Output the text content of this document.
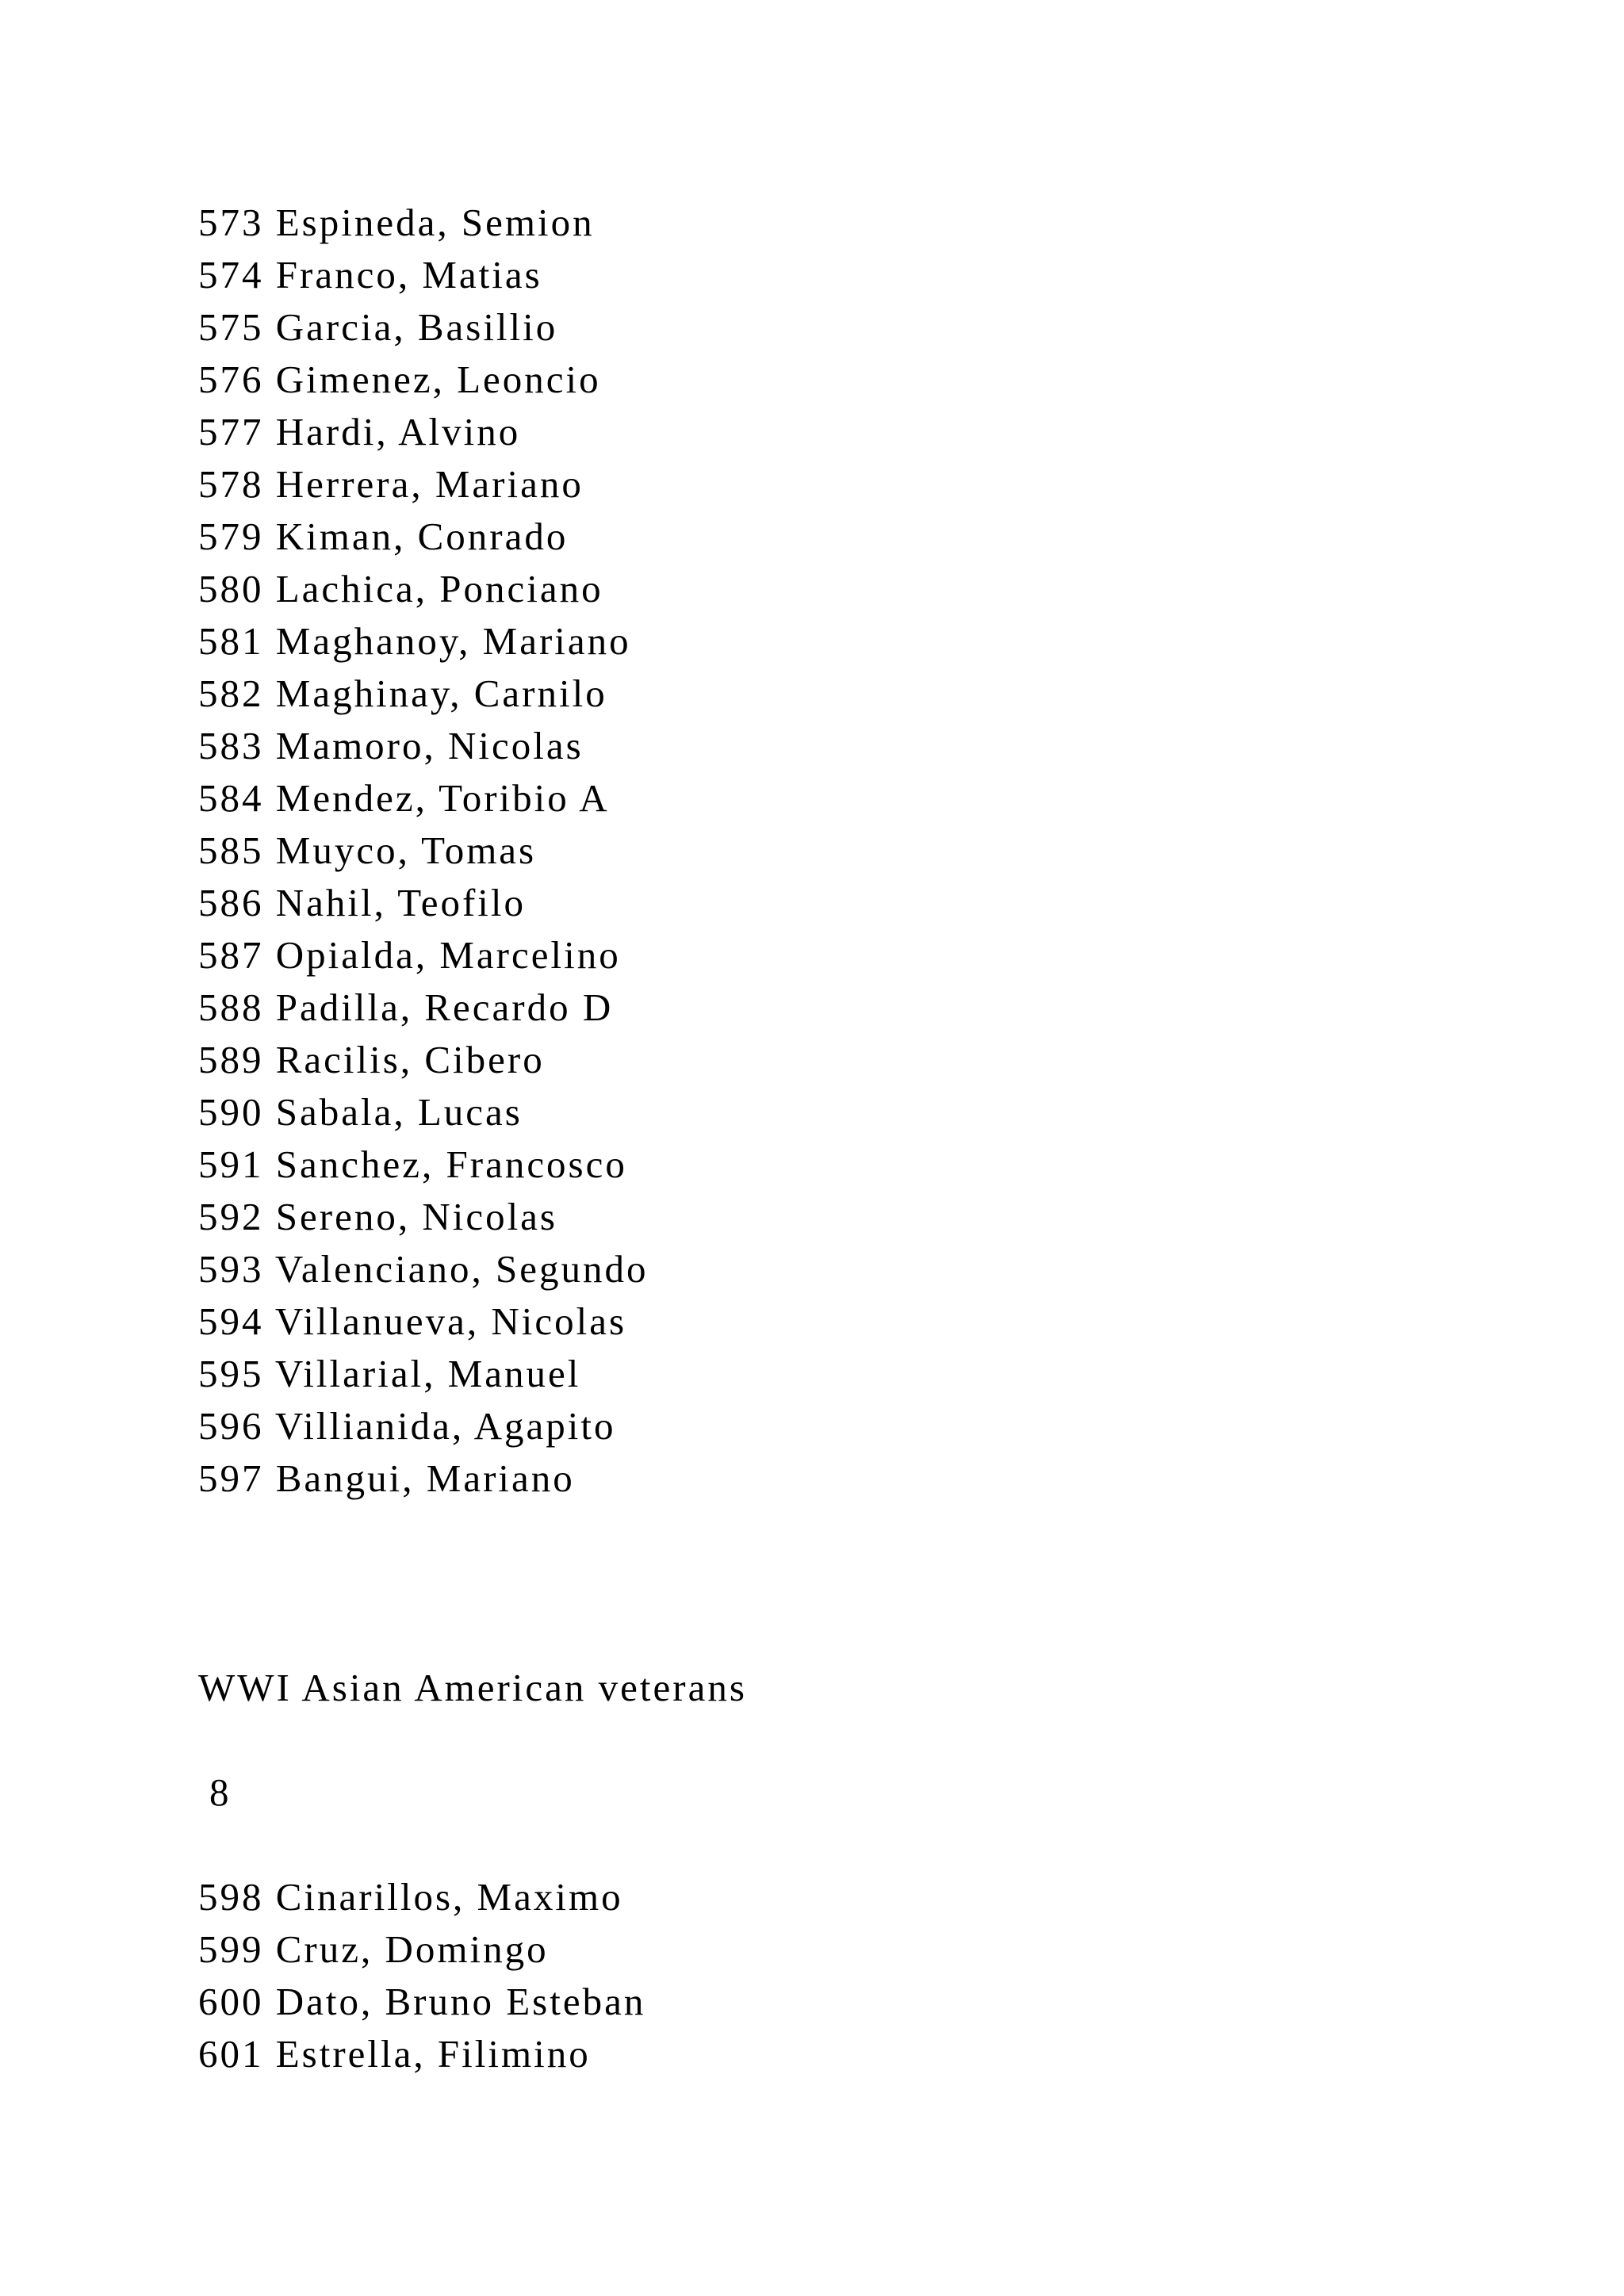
573 Espineda, Semion
574 Franco, Matias
575 Garcia, Basillio
576 Gimenez, Leoncio
577 Hardi, Alvino
578 Herrera, Mariano
579 Kiman, Conrado
580 Lachica, Ponciano
581 Maghanoy, Mariano
582 Maghinay, Carnilo
583 Mamoro, Nicolas
584 Mendez, Toribio A
585 Muyco, Tomas
586 Nahil, Teofilo
587 Opialda, Marcelino
588 Padilla, Recardo D
589 Racilis, Cibero
590 Sabala, Lucas
591 Sanchez, Francosco
592 Sereno, Nicolas
593 Valenciano, Segundo
594 Villanueva, Nicolas
595 Villarial, Manuel
596 Villianida, Agapito
597 Bangui, Mariano
WWI Asian American veterans
8
598 Cinarillos, Maximo
599 Cruz, Domingo
600 Dato, Bruno Esteban
601 Estrella, Filimino
